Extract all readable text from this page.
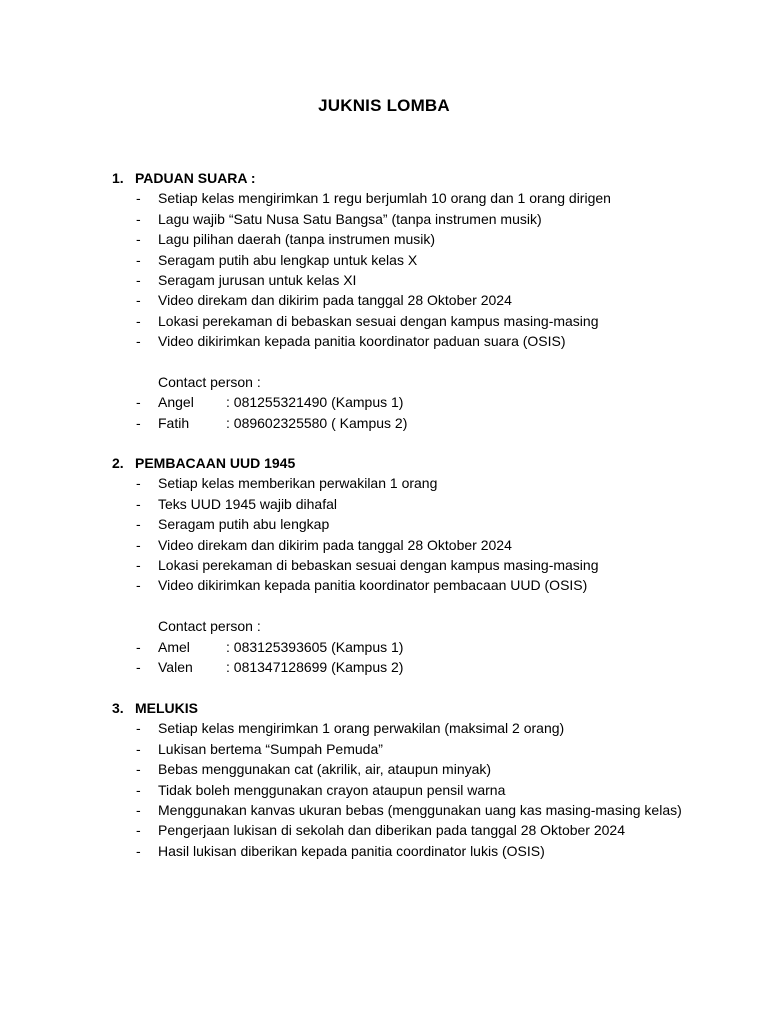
JUKNIS LOMBA
1. PADUAN SUARA :
- Setiap kelas mengirimkan 1 regu berjumlah 10 orang dan 1 orang dirigen
- Lagu wajib “Satu Nusa Satu Bangsa” (tanpa instrumen musik)
- Lagu pilihan daerah (tanpa instrumen musik)
- Seragam putih abu lengkap untuk kelas X
- Seragam jurusan untuk kelas XI
- Video direkam dan dikirim pada tanggal 28 Oktober 2024
- Lokasi perekaman di bebaskan sesuai dengan kampus masing-masing
- Video dikirimkan kepada panitia koordinator paduan suara (OSIS)
Contact person :
- Angel : 081255321490 (Kampus 1)
- Fatih	: 089602325580 ( Kampus 2)
2. PEMBACAAN UUD 1945
- Setiap kelas memberikan perwakilan 1 orang
- Teks UUD 1945 wajib dihafal
- Seragam putih abu lengkap
- Video direkam dan dikirim pada tanggal 28 Oktober 2024
- Lokasi perekaman di bebaskan sesuai dengan kampus masing-masing
- Video dikirimkan kepada panitia koordinator pembacaan UUD (OSIS)
Contact person :
- Amel	: 083125393605 (Kampus 1)
- Valen : 081347128699 (Kampus 2)
3. MELUKIS
- Setiap kelas mengirimkan 1 orang perwakilan (maksimal 2 orang)
- Lukisan bertema “Sumpah Pemuda”
- Bebas menggunakan cat (akrilik, air, ataupun minyak)
- Tidak boleh menggunakan crayon ataupun pensil warna
- Menggunakan kanvas ukuran bebas (menggunakan uang kas masing-masing kelas)
- Pengerjaan lukisan di sekolah dan diberikan pada tanggal 28 Oktober 2024
- Hasil lukisan diberikan kepada panitia coordinator lukis (OSIS)
